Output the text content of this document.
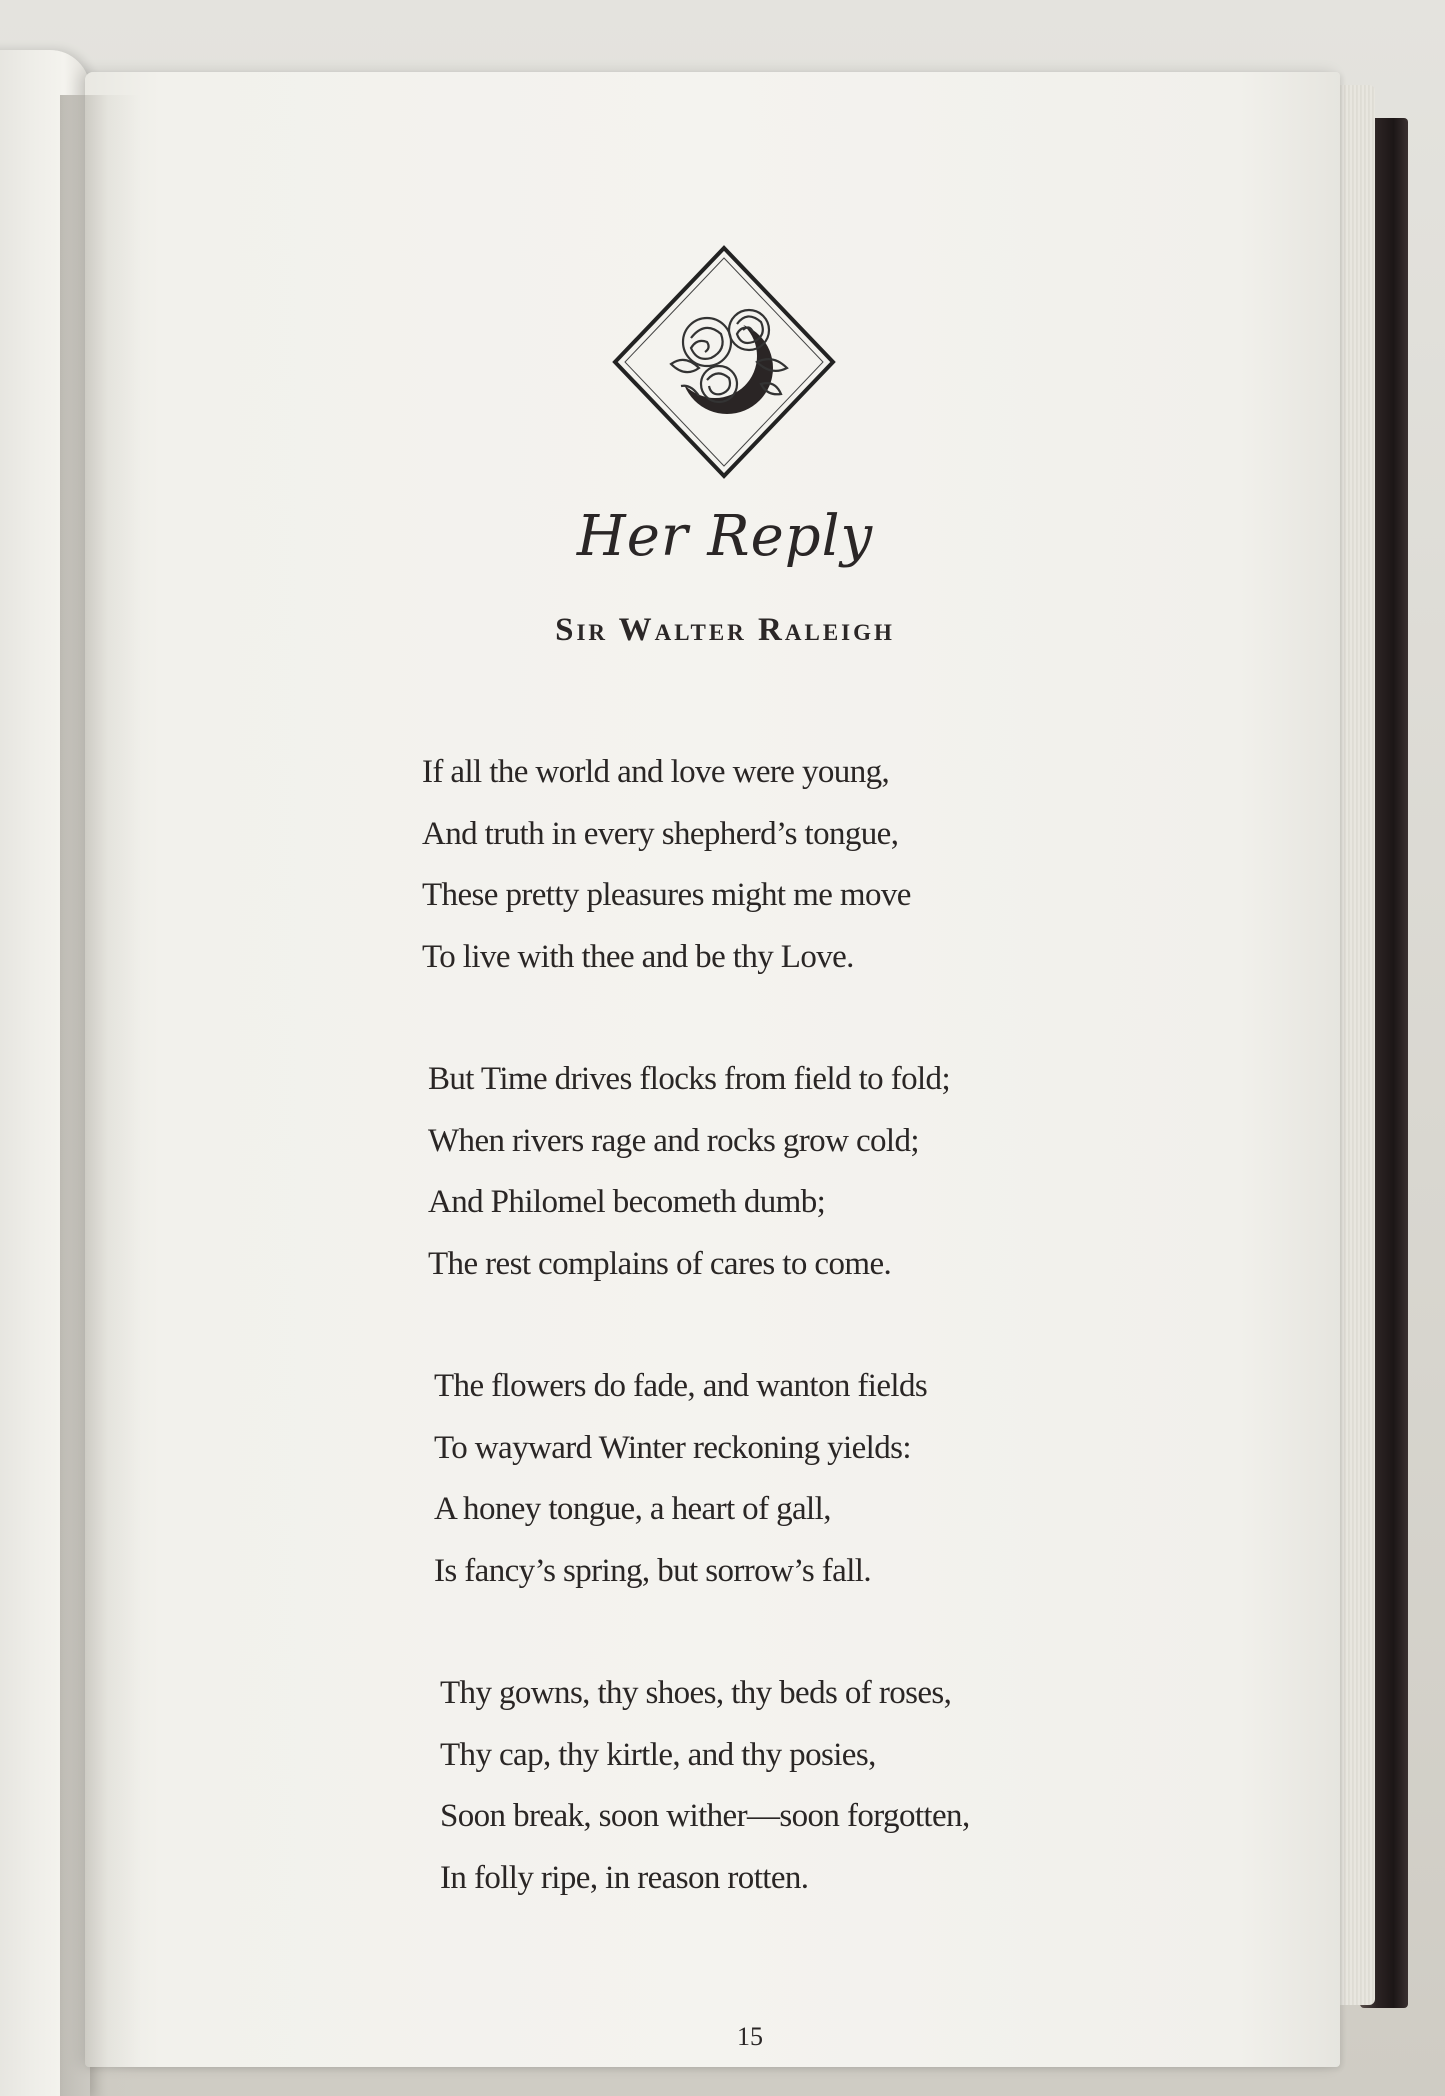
Her Reply
Sir Walter Raleigh
If all the world and love were young,
And truth in every shepherd’s tongue,
These pretty pleasures might me move
To live with thee and be thy Love.
But Time drives flocks from field to fold;
When rivers rage and rocks grow cold;
And Philomel becometh dumb;
The rest complains of cares to come.
The flowers do fade, and wanton fields
To wayward Winter reckoning yields:
A honey tongue, a heart of gall,
Is fancy’s spring, but sorrow’s fall.
Thy gowns, thy shoes, thy beds of roses,
Thy cap, thy kirtle, and thy posies,
Soon break, soon wither—soon forgotten,
In folly ripe, in reason rotten.
15
